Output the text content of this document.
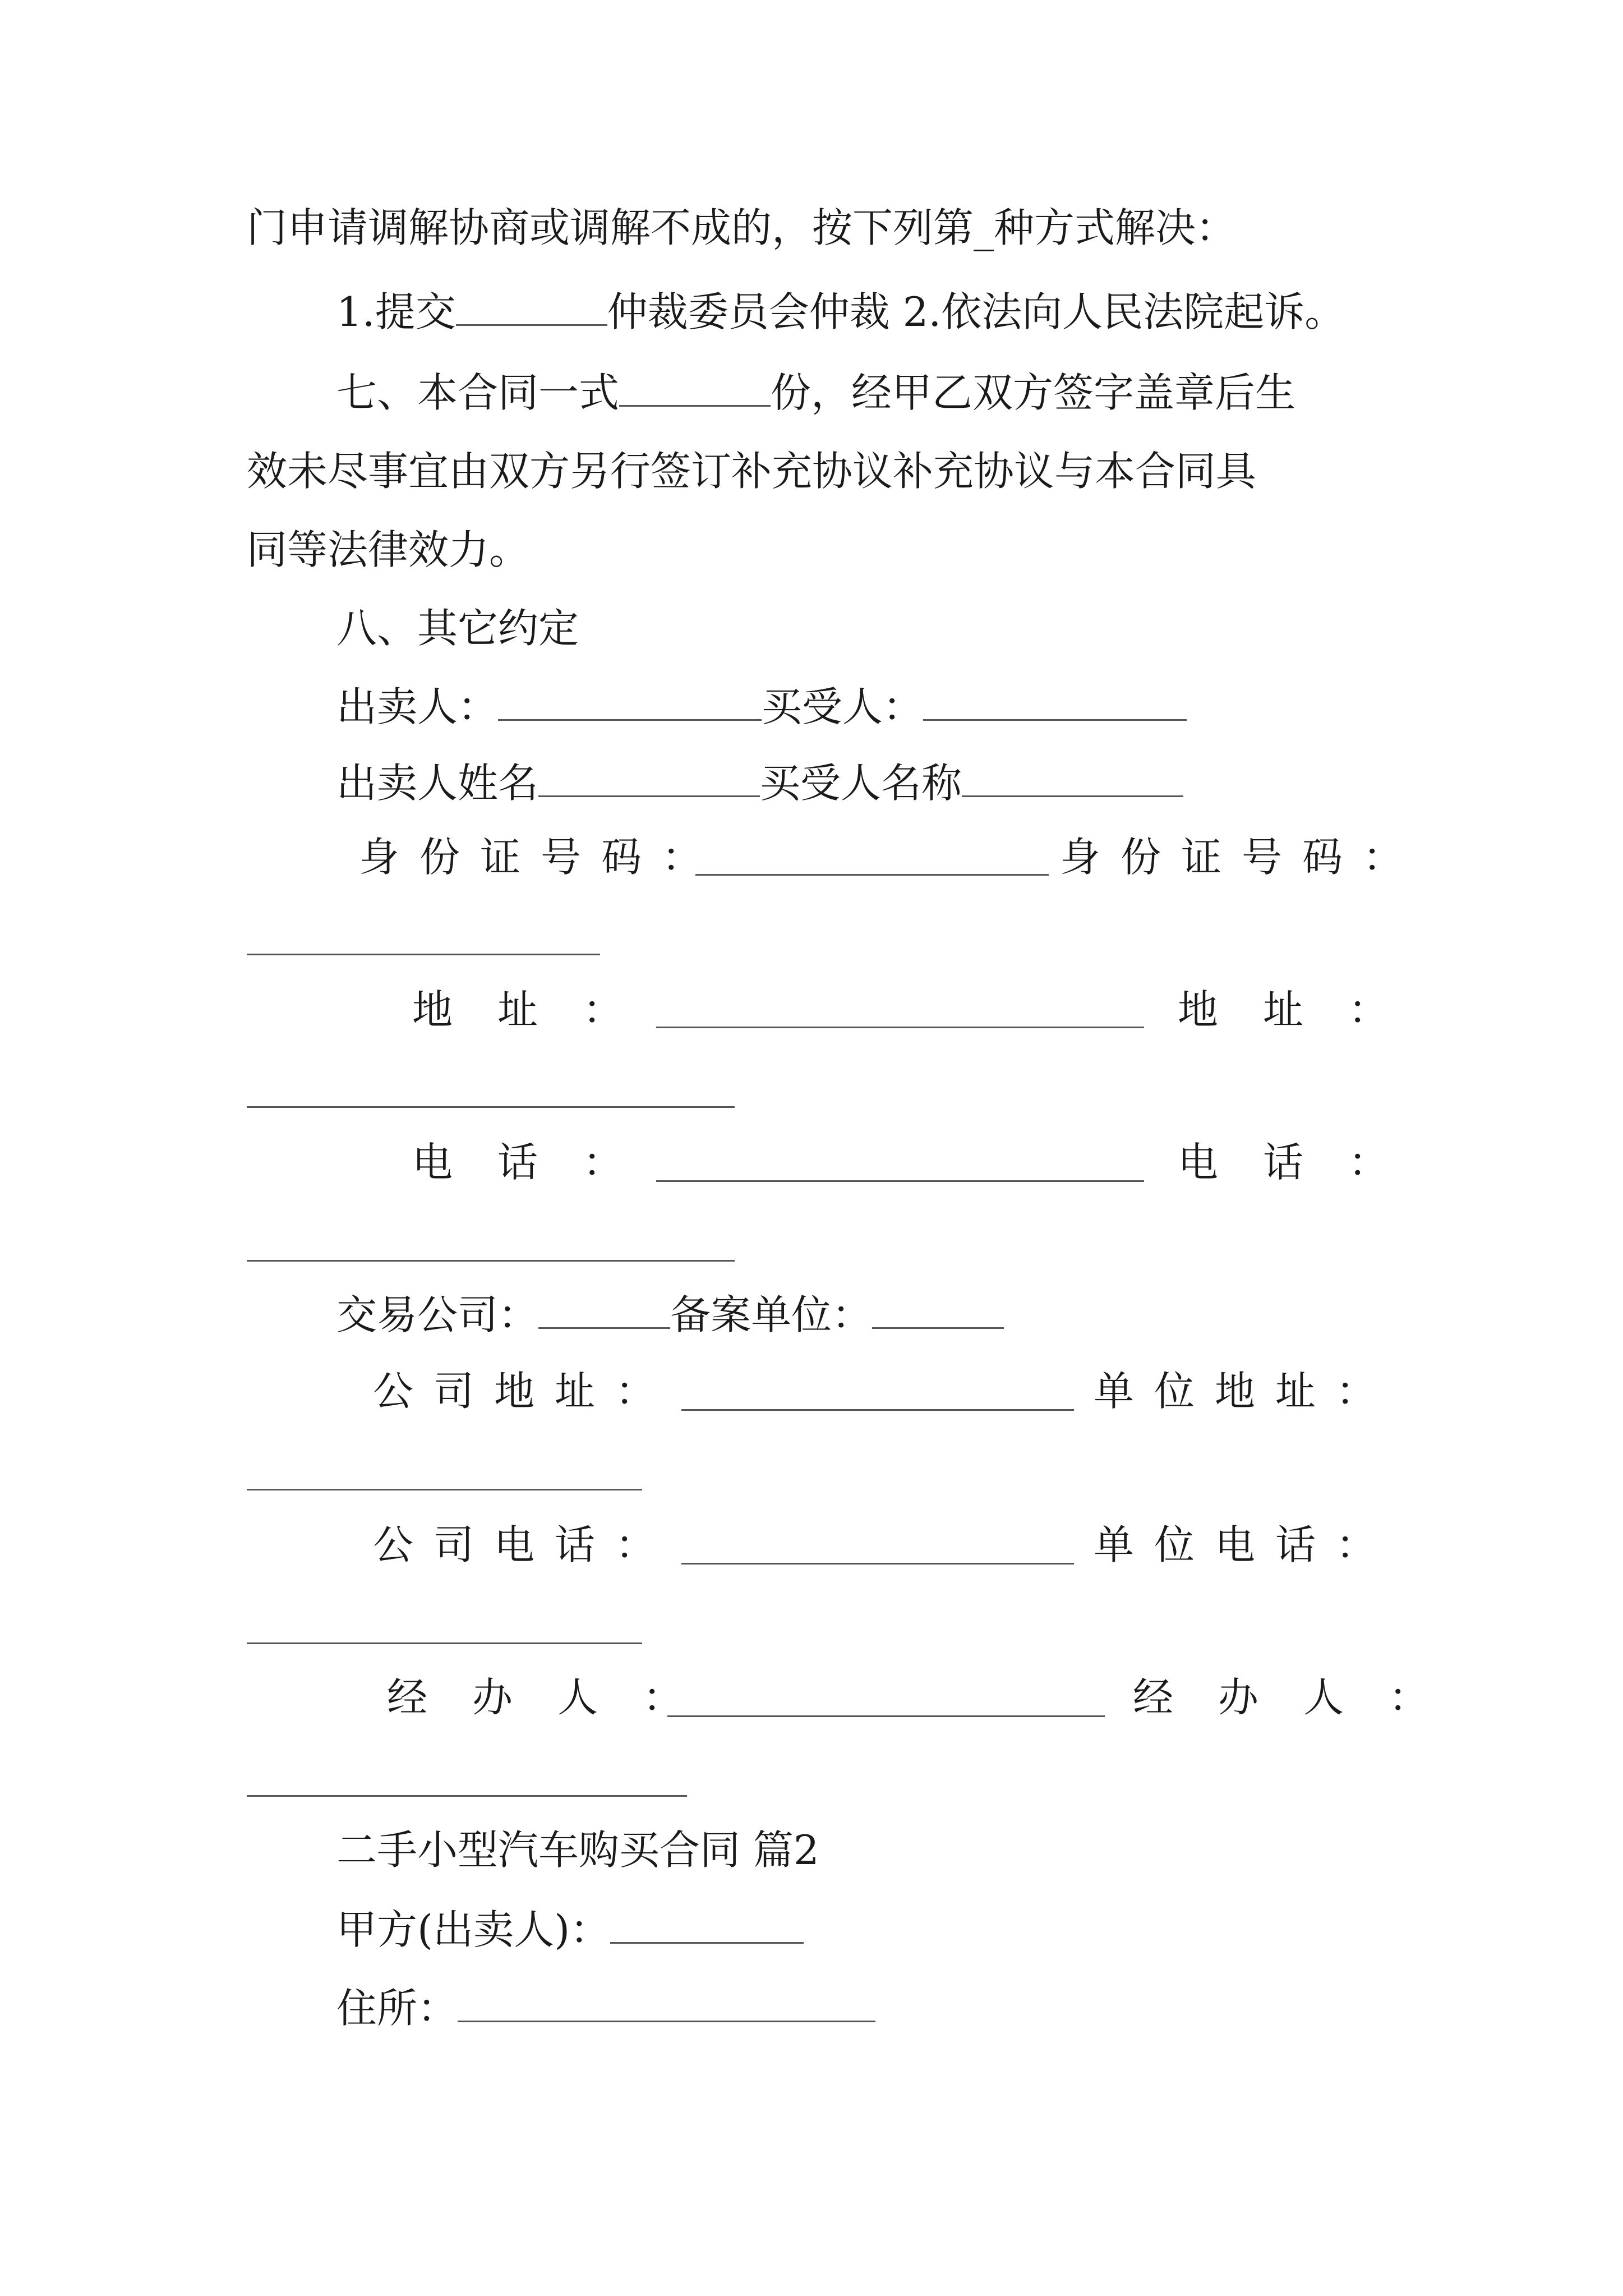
门申请调解协商或调解不成的，按下列第_种方式解决：
1.提交	仲裁委员会仲裁 2.依法向人民法院起诉。
七、本合同一式	份，经甲乙双方签字盖章后生
效未尽事宜由双方另行签订补充协议补充协议与本合同具
同等法律效力。
八、其它约定
出卖人：	买受人：
出卖人姓名	买受人名称
身份证号码：	身份证号码：
地址：	地址：
电话：	电话：
交易公司：	备案单位：
公司地址：	单位地址：
公司电话：	单位电话：
经办人：	经办人：
二手小型汽车购买合同 篇2
甲方(出卖人)：
住所：
